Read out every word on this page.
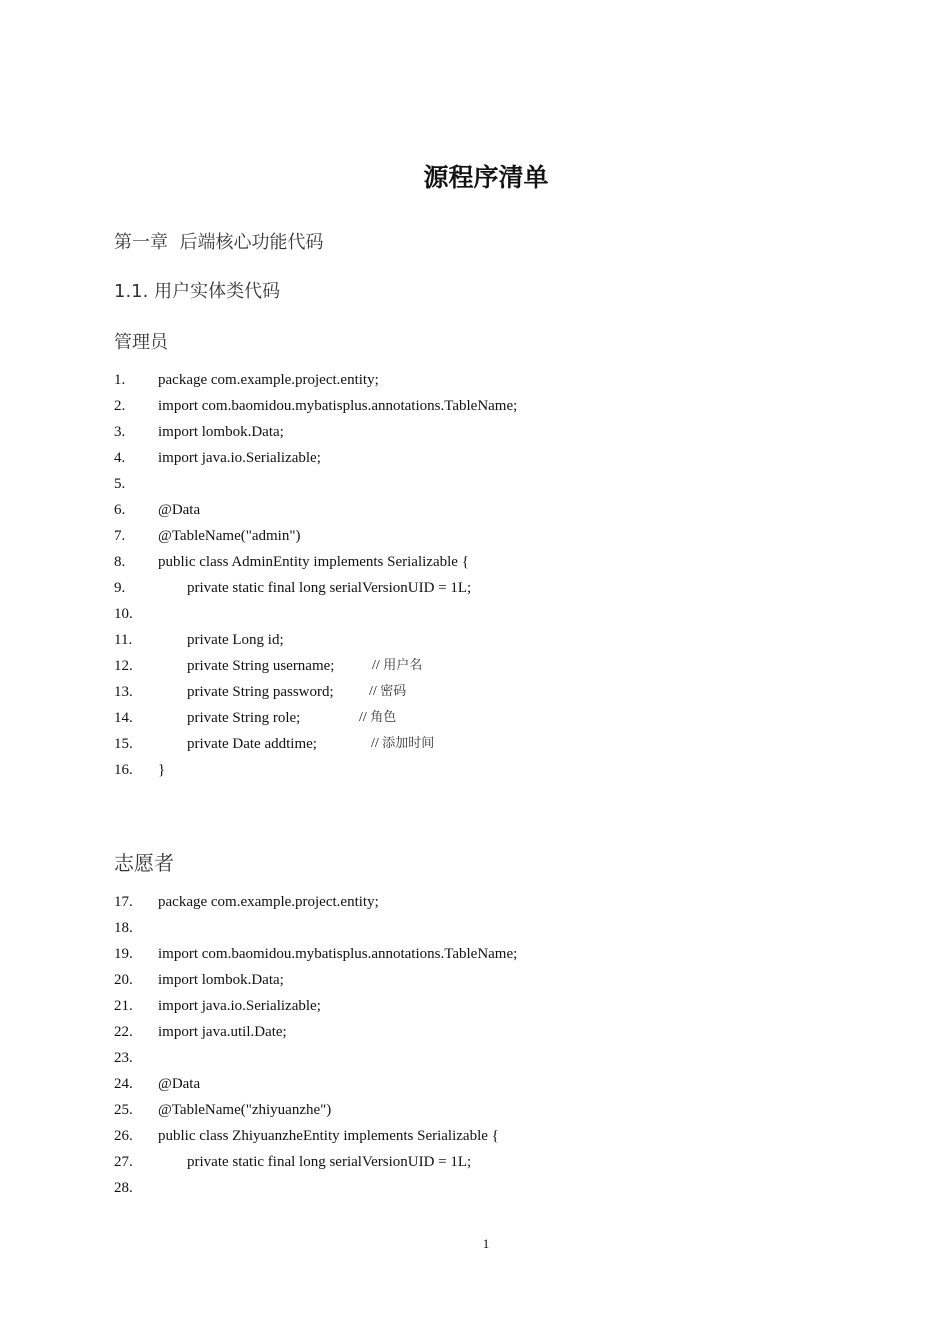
源程序清单
第一章  后端核心功能代码
1.1. 用户实体类代码
管理员
1. package com.example.project.entity;
2. import com.baomidou.mybatisplus.annotations.TableName;
3. import lombok.Data;
4. import java.io.Serializable;
5.
6. @Data
7. @TableName("admin")
8. public class AdminEntity implements Serializable {
9.	private static final long serialVersionUID = 1L;
10.
11.	private Long id;
12.	private String username;	// 用户名
13.	private String password;	// 密码
14.	private String role;	// 角色
15.	private Date addtime;	// 添加时间
16. }
志愿者
17. package com.example.project.entity;
18.
19. import com.baomidou.mybatisplus.annotations.TableName;
20. import lombok.Data;
21. import java.io.Serializable;
22. import java.util.Date;
23.
24. @Data
25. @TableName("zhiyuanzhe")
26. public class ZhiyuanzheEntity implements Serializable {
27.	private static final long serialVersionUID = 1L;
28.
1
